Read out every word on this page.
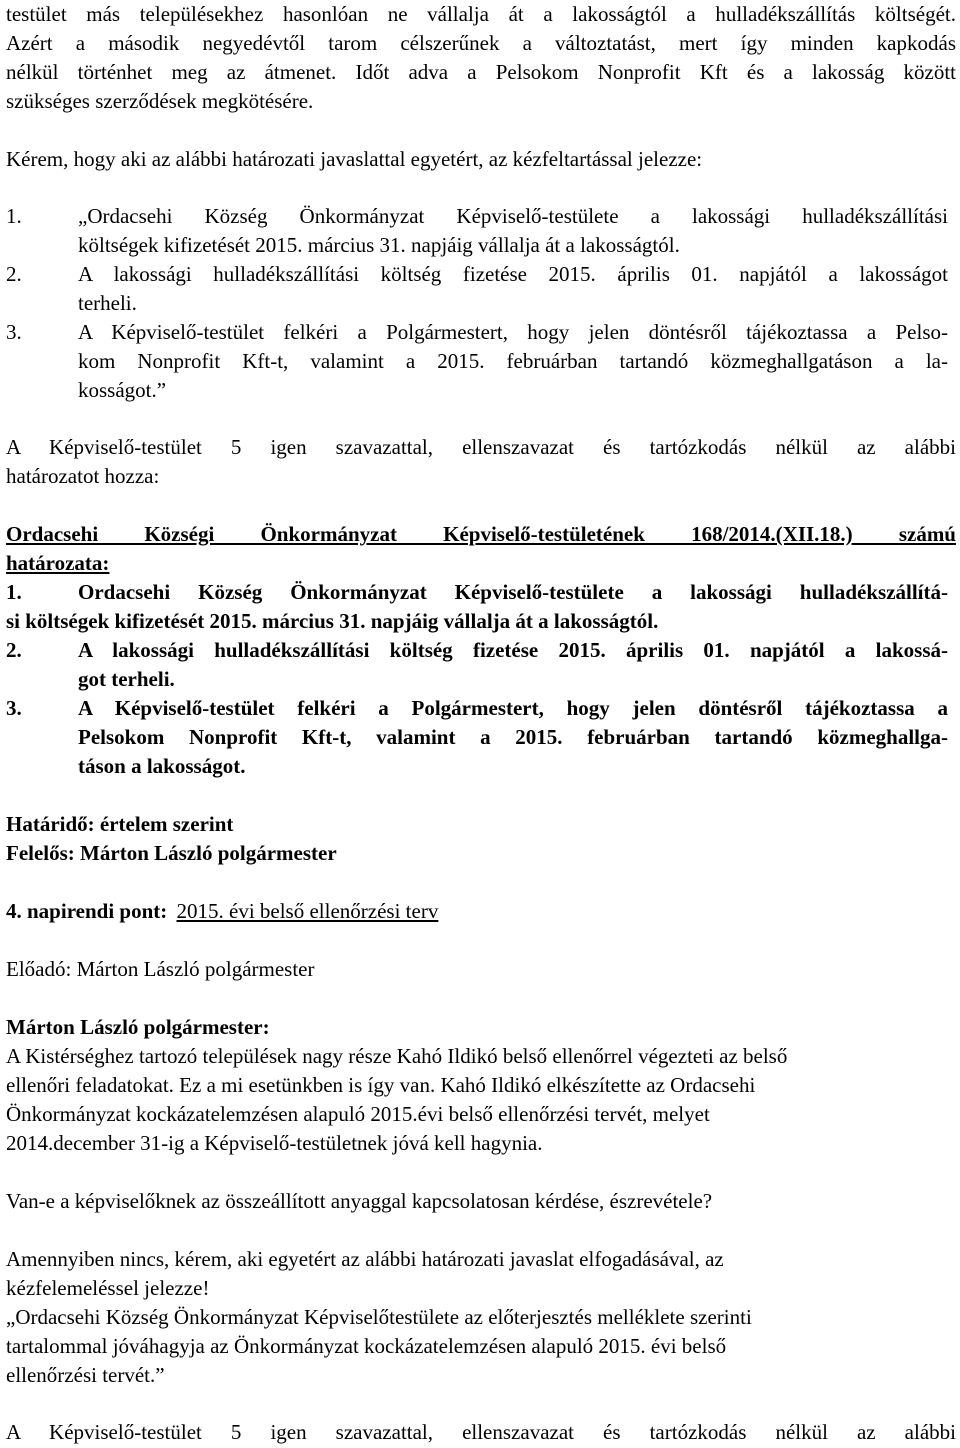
testület más településekhez hasonlóan ne vállalja át a lakosságtól a hulladékszállítás költségét.
Azért a második negyedévtől tarom célszerűnek a változtatást, mert így minden kapkodás
nélkül történhet meg az átmenet. Időt adva a Pelsokom Nonprofit Kft és a lakosság között
szükséges szerződések megkötésére.
Kérem, hogy aki az alábbi határozati javaslattal egyetért, az kézfeltartással jelezze:
1.	„Ordacsehi Község Önkormányzat Képviselő-testülete a lakossági hulladékszállítási
költségek kifizetését 2015. március 31. napjáig vállalja át a lakosságtól.
2.	A lakossági hulladékszállítási költség fizetése 2015. április 01. napjától a lakosságot
terheli.
3.	A Képviselő-testület felkéri a Polgármestert, hogy jelen döntésről tájékoztassa a Pelso-
kom Nonprofit Kft-t, valamint a 2015. februárban tartandó közmeghallgatáson a la-
kosságot.”
A Képviselő-testület 5 igen szavazattal, ellenszavazat és tartózkodás nélkül az alábbi
határozatot hozza:
Ordacsehi Községi Önkormányzat Képviselő-testületének 168/2014.(XII.18.) számú
határozata:
1.	Ordacsehi Község Önkormányzat Képviselő-testülete a lakossági hulladékszállítá-
si költségek kifizetését 2015. március 31. napjáig vállalja át a lakosságtól.
2.	A lakossági hulladékszállítási költség fizetése 2015. április 01. napjától a lakossá-
got terheli.
3.	A Képviselő-testület felkéri a Polgármestert, hogy jelen döntésről tájékoztassa a
Pelsokom Nonprofit Kft-t, valamint a 2015. februárban tartandó közmeghallga-
táson a lakosságot.
Határidő: értelem szerint
Felelős: Márton László polgármester
4. napirendi pont: 2015. évi belső ellenőrzési terv
Előadó: Márton László polgármester
Márton László polgármester:
A Kistérséghez tartozó települések nagy része Kahó Ildikó belső ellenőrrel végezteti az belső
ellenőri feladatokat. Ez a mi esetünkben is így van. Kahó Ildikó elkészítette az Ordacsehi
Önkormányzat kockázatelemzésen alapuló 2015.évi belső ellenőrzési tervét, melyet
2014.december 31-ig a Képviselő-testületnek jóvá kell hagynia.
Van-e a képviselőknek az összeállított anyaggal kapcsolatosan kérdése, észrevétele?
Amennyiben nincs, kérem, aki egyetért az alábbi határozati javaslat elfogadásával, az
kézfelemeléssel jelezze!
„Ordacsehi Község Önkormányzat Képviselőtestülete az előterjesztés melléklete szerinti
tartalommal jóváhagyja az Önkormányzat kockázatelemzésen alapuló 2015. évi belső
ellenőrzési tervét.”
A Képviselő-testület 5 igen szavazattal, ellenszavazat és tartózkodás nélkül az alábbi
